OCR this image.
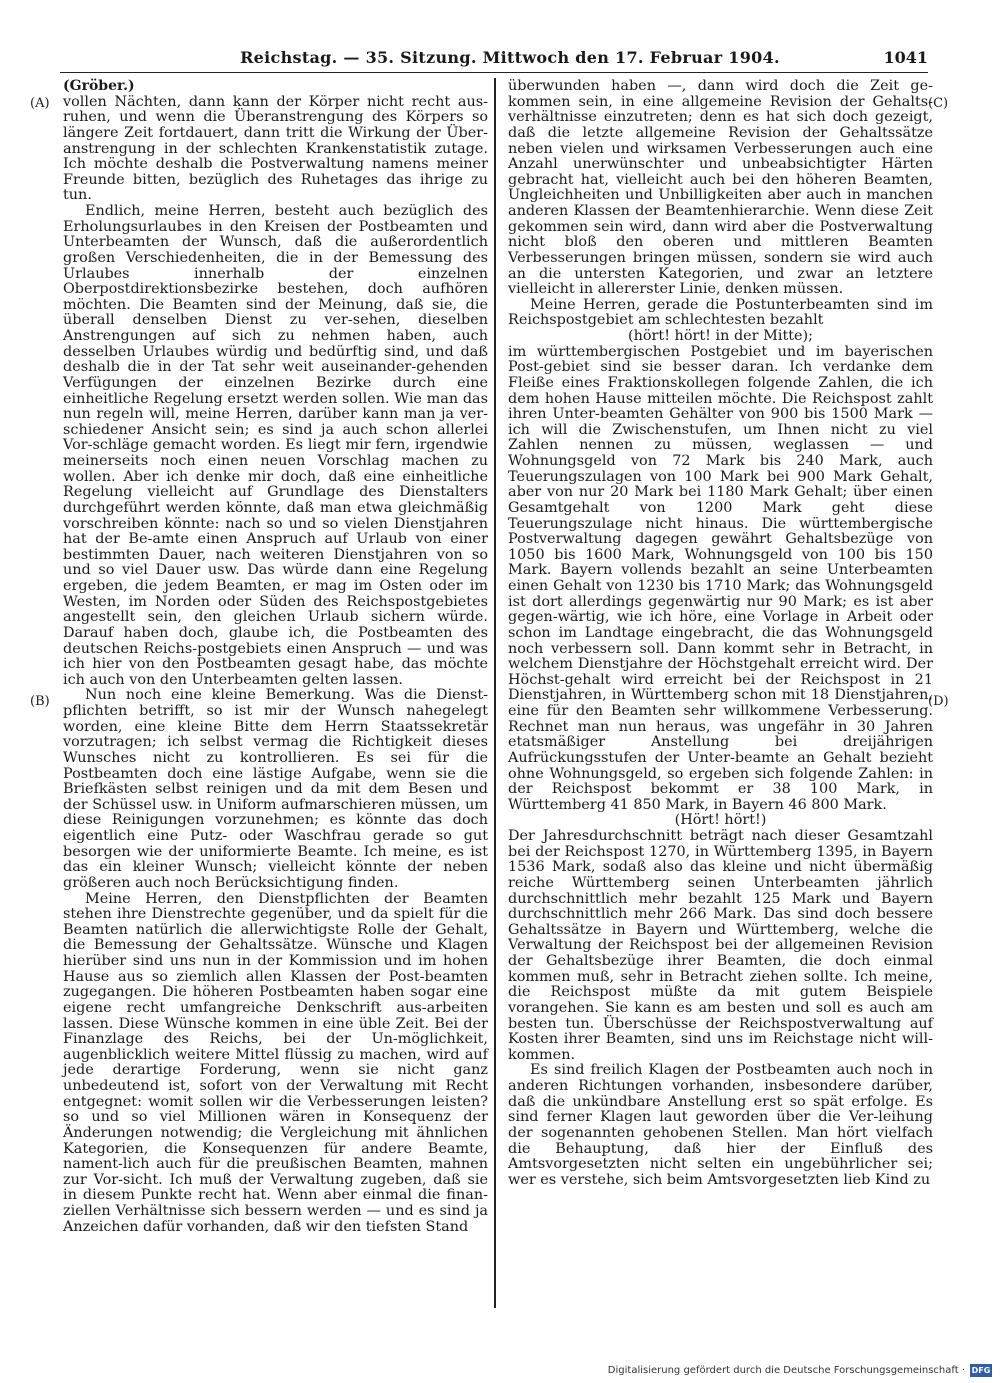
Reichstag. — 35. Sitzung. Mittwoch den 17. Februar 1904.	1041
(A)
(B)
(C)
(D)

(Gröber.)

vollen Nächten, dann kann der Körper nicht recht aus-ruhen, und wenn die Überanstrengung des Körpers so längere Zeit fortdauert, dann tritt die Wirkung der Über-anstrengung in der schlechten Krankenstatistik zutage. Ich möchte deshalb die Postverwaltung namens meiner Freunde bitten, bezüglich des Ruhetages das ihrige zu tun.

Endlich, meine Herren, besteht auch bezüglich des Erholungsurlaubes in den Kreisen der Postbeamten und Unterbeamten der Wunsch, daß die außerordentlich großen Verschiedenheiten, die in der Bemessung des Urlaubes innerhalb der einzelnen Oberpostdirektionsbezirke bestehen, doch aufhören möchten. Die Beamten sind der Meinung, daß sie, die überall denselben Dienst zu ver-sehen, dieselben Anstrengungen auf sich zu nehmen haben, auch desselben Urlaubes würdig und bedürftig sind, und daß deshalb die in der Tat sehr weit auseinander-gehenden Verfügungen der einzelnen Bezirke durch eine einheitliche Regelung ersetzt werden sollen. Wie man das nun regeln will, meine Herren, darüber kann man ja ver-schiedener Ansicht sein; es sind ja auch schon allerlei Vor-schläge gemacht worden. Es liegt mir fern, irgendwie meinerseits noch einen neuen Vorschlag machen zu wollen. Aber ich denke mir doch, daß eine einheitliche Regelung vielleicht auf Grundlage des Dienstalters durchgeführt werden könnte, daß man etwa gleichmäßig vorschreiben könnte: nach so und so vielen Dienstjahren hat der Be-amte einen Anspruch auf Urlaub von einer bestimmten Dauer, nach weiteren Dienstjahren von so und so viel Dauer usw. Das würde dann eine Regelung ergeben, die jedem Beamten, er mag im Osten oder im Westen, im Norden oder Süden des Reichspostgebietes angestellt sein, den gleichen Urlaub sichern würde. Darauf haben doch, glaube ich, die Postbeamten des deutschen Reichs-postgebiets einen Anspruch — und was ich hier von den Postbeamten gesagt habe, das möchte ich auch von den Unterbeamten gelten lassen.

Nun noch eine kleine Bemerkung. Was die Dienst-pflichten betrifft, so ist mir der Wunsch nahegelegt worden, eine kleine Bitte dem Herrn Staatssekretär vorzutragen; ich selbst vermag die Richtigkeit dieses Wunsches nicht zu kontrollieren. Es sei für die Postbeamten doch eine lästige Aufgabe, wenn sie die Briefkästen selbst reinigen und da mit dem Besen und der Schüssel usw. in Uniform aufmarschieren müssen, um diese Reinigungen vorzunehmen; es könnte das doch eigentlich eine Putz- oder Waschfrau gerade so gut besorgen wie der uniformierte Beamte. Ich meine, es ist das ein kleiner Wunsch; vielleicht könnte der neben größeren auch noch Berücksichtigung finden.

Meine Herren, den Dienstpflichten der Beamten stehen ihre Dienstrechte gegenüber, und da spielt für die Beamten natürlich die allerwichtigste Rolle der Gehalt, die Bemessung der Gehaltssätze. Wünsche und Klagen hierüber sind uns nun in der Kommission und im hohen Hause aus so ziemlich allen Klassen der Post-beamten zugegangen. Die höheren Postbeamten haben sogar eine eigene recht umfangreiche Denkschrift aus-arbeiten lassen. Diese Wünsche kommen in eine üble Zeit. Bei der Finanzlage des Reichs, bei der Un-möglichkeit, augenblicklich weitere Mittel flüssig zu machen, wird auf jede derartige Forderung, wenn sie nicht ganz unbedeutend ist, sofort von der Verwaltung mit Recht entgegnet: womit sollen wir die Verbesserungen leisten? so und so viel Millionen wären in Konsequenz der Änderungen notwendig; die Vergleichung mit ähnlichen Kategorien, die Konsequenzen für andere Beamte, nament-lich auch für die preußischen Beamten, mahnen zur Vor-sicht. Ich muß der Verwaltung zugeben, daß sie in diesem Punkte recht hat. Wenn aber einmal die finan-ziellen Verhältnisse sich bessern werden — und es sind ja Anzeichen dafür vorhanden, daß wir den tiefsten Stand

überwunden haben —, dann wird doch die Zeit ge-kommen sein, in eine allgemeine Revision der Gehalts-verhältnisse einzutreten; denn es hat sich doch gezeigt, daß die letzte allgemeine Revision der Gehaltssätze neben vielen und wirksamen Verbesserungen auch eine Anzahl unerwünschter und unbeabsichtigter Härten gebracht hat, vielleicht auch bei den höheren Beamten, Ungleichheiten und Unbilligkeiten aber auch in manchen anderen Klassen der Beamtenhierarchie. Wenn diese Zeit gekommen sein wird, dann wird aber die Postverwaltung nicht bloß den oberen und mittleren Beamten Verbesserungen bringen müssen, sondern sie wird auch an die untersten Kategorien, und zwar an letztere vielleicht in allererster Linie, denken müssen.

Meine Herren, gerade die Postunterbeamten sind im Reichspostgebiet am schlechtesten bezahlt

(hört! hört! in der Mitte);

im württembergischen Postgebiet und im bayerischen Post-gebiet sind sie besser daran. Ich verdanke dem Fleiße eines Fraktionskollegen folgende Zahlen, die ich dem hohen Hause mitteilen möchte. Die Reichspost zahlt ihren Unter-beamten Gehälter von 900 bis 1500 Mark — ich will die Zwischenstufen, um Ihnen nicht zu viel Zahlen nennen zu müssen, weglassen — und Wohnungsgeld von 72 Mark bis 240 Mark, auch Teuerungszulagen von 100 Mark bei 900 Mark Gehalt, aber von nur 20 Mark bei 1180 Mark Gehalt; über einen Gesamtgehalt von 1200 Mark geht diese Teuerungszulage nicht hinaus. Die württembergische Postverwaltung dagegen gewährt Gehaltsbezüge von 1050 bis 1600 Mark, Wohnungsgeld von 100 bis 150 Mark. Bayern vollends bezahlt an seine Unterbeamten einen Gehalt von 1230 bis 1710 Mark; das Wohnungsgeld ist dort allerdings gegenwärtig nur 90 Mark; es ist aber gegen-wärtig, wie ich höre, eine Vorlage in Arbeit oder schon im Landtage eingebracht, die das Wohnungsgeld noch verbessern soll. Dann kommt sehr in Betracht, in welchem Dienstjahre der Höchstgehalt erreicht wird. Der Höchst-gehalt wird erreicht bei der Reichspost in 21 Dienstjahren, in Württemberg schon mit 18 Dienstjahren, eine für den Beamten sehr willkommene Verbesserung. Rechnet man nun heraus, was ungefähr in 30 Jahren etatsmäßiger Anstellung bei dreijährigen Aufrückungsstufen der Unter-beamte an Gehalt bezieht ohne Wohnungsgeld, so ergeben sich folgende Zahlen: in der Reichspost bekommt er 38 100 Mark, in Württemberg 41 850 Mark, in Bayern 46 800 Mark.

(Hört! hört!)

Der Jahresdurchschnitt beträgt nach dieser Gesamtzahl bei der Reichspost 1270, in Württemberg 1395, in Bayern 1536 Mark, sodaß also das kleine und nicht übermäßig reiche Württemberg seinen Unterbeamten jährlich durchschnittlich mehr bezahlt 125 Mark und Bayern durchschnittlich mehr 266 Mark. Das sind doch bessere Gehaltssätze in Bayern und Württemberg, welche die Verwaltung der Reichspost bei der allgemeinen Revision der Gehaltsbezüge ihrer Beamten, die doch einmal kommen muß, sehr in Betracht ziehen sollte. Ich meine, die Reichspost müßte da mit gutem Beispiele vorangehen. Sie kann es am besten und soll es auch am besten tun. Überschüsse der Reichspostverwaltung auf Kosten ihrer Beamten, sind uns im Reichstage nicht will-kommen.

Es sind freilich Klagen der Postbeamten auch noch in anderen Richtungen vorhanden, insbesondere darüber, daß die unkündbare Anstellung erst so spät erfolge. Es sind ferner Klagen laut geworden über die Ver-leihung der sogenannten gehobenen Stellen. Man hört vielfach die Behauptung, daß hier der Einfluß des Amtsvorgesetzten nicht selten ein ungebührlicher sei; wer es verstehe, sich beim Amtsvorgesetzten lieb Kind zu

Digitalisierung gefördert durch die Deutsche Forschungsgemeinschaft · DFG
